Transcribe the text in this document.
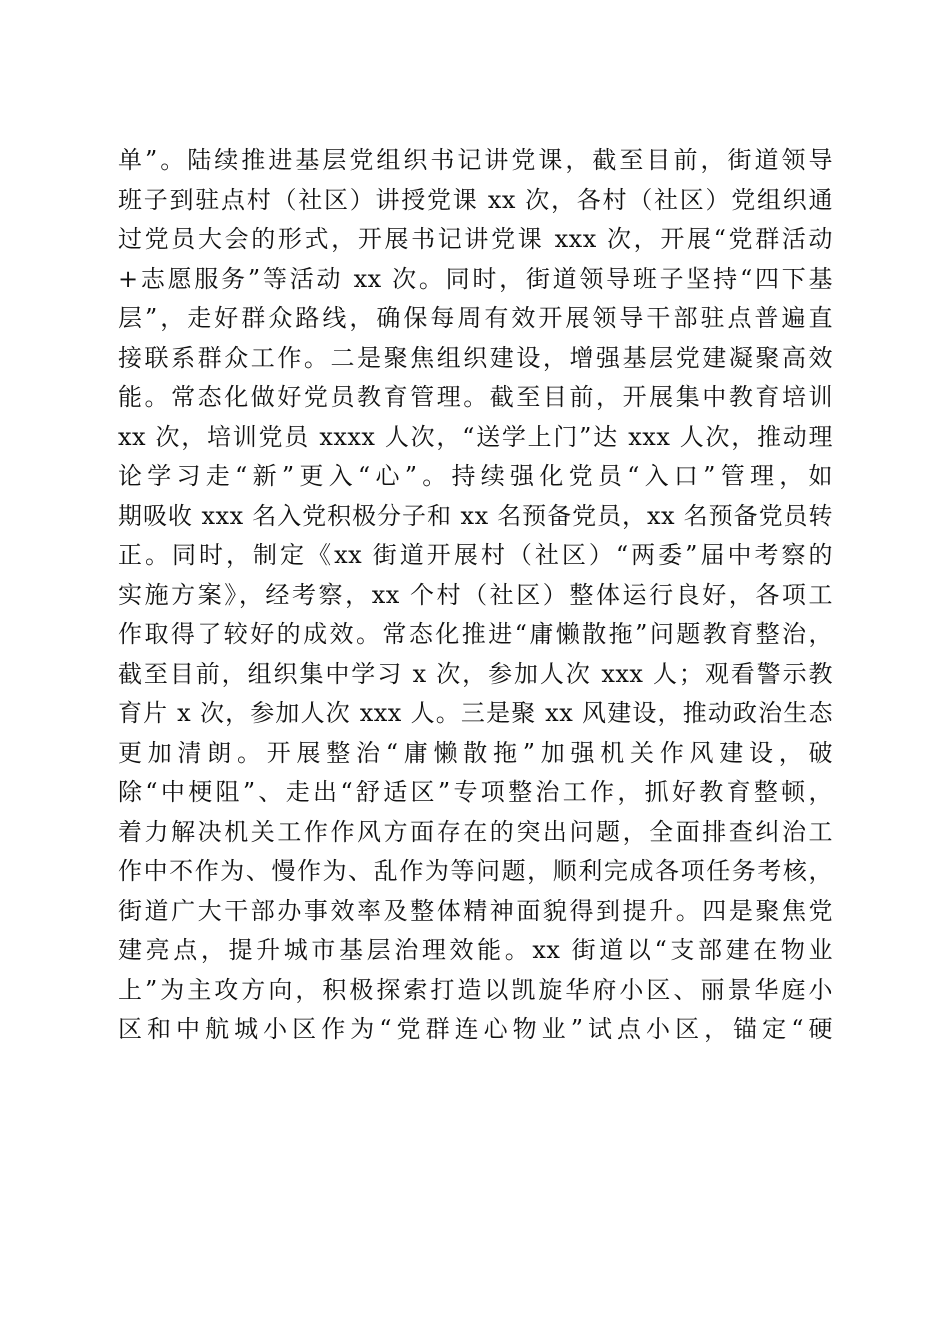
单”。陆续推进基层党组织书记讲党课，截至目前，街道领导
班子到驻点村（社区）讲授党课 xx 次，各村（社区）党组织通
过党员大会的形式，开展书记讲党课 xxx 次，开展“党群活动
+志愿服务”等活动 xx 次。同时，街道领导班子坚持“四下基
层”，走好群众路线，确保每周有效开展领导干部驻点普遍直
接联系群众工作。二是聚焦组织建设，增强基层党建凝聚高效
能。常态化做好党员教育管理。截至目前，开展集中教育培训
xx 次，培训党员 xxxx 人次，“送学上门”达 xxx 人次，推动理
论学习走“新”更入“心”。持续强化党员“入口”管理，如
期吸收 xxx 名入党积极分子和 xx 名预备党员，xx 名预备党员转
正。同时，制定《xx 街道开展村（社区）“两委”届中考察的
实施方案》，经考察，xx 个村（社区）整体运行良好，各项工
作取得了较好的成效。常态化推进“庸懒散拖”问题教育整治，
截至目前，组织集中学习 x 次，参加人次 xxx 人；观看警示教
育片 x 次，参加人次 xxx 人。三是聚 xx 风建设，推动政治生态
更加清朗。开展整治“庸懒散拖”加强机关作风建设，破
除“中梗阻”、走出“舒适区”专项整治工作，抓好教育整顿，
着力解决机关工作作风方面存在的突出问题，全面排查纠治工
作中不作为、慢作为、乱作为等问题，顺利完成各项任务考核，
街道广大干部办事效率及整体精神面貌得到提升。四是聚焦党
建亮点，提升城市基层治理效能。xx 街道以“支部建在物业
上”为主攻方向，积极探索打造以凯旋华府小区、丽景华庭小
区和中航城小区作为“党群连心物业”试点小区，锚定“硬
